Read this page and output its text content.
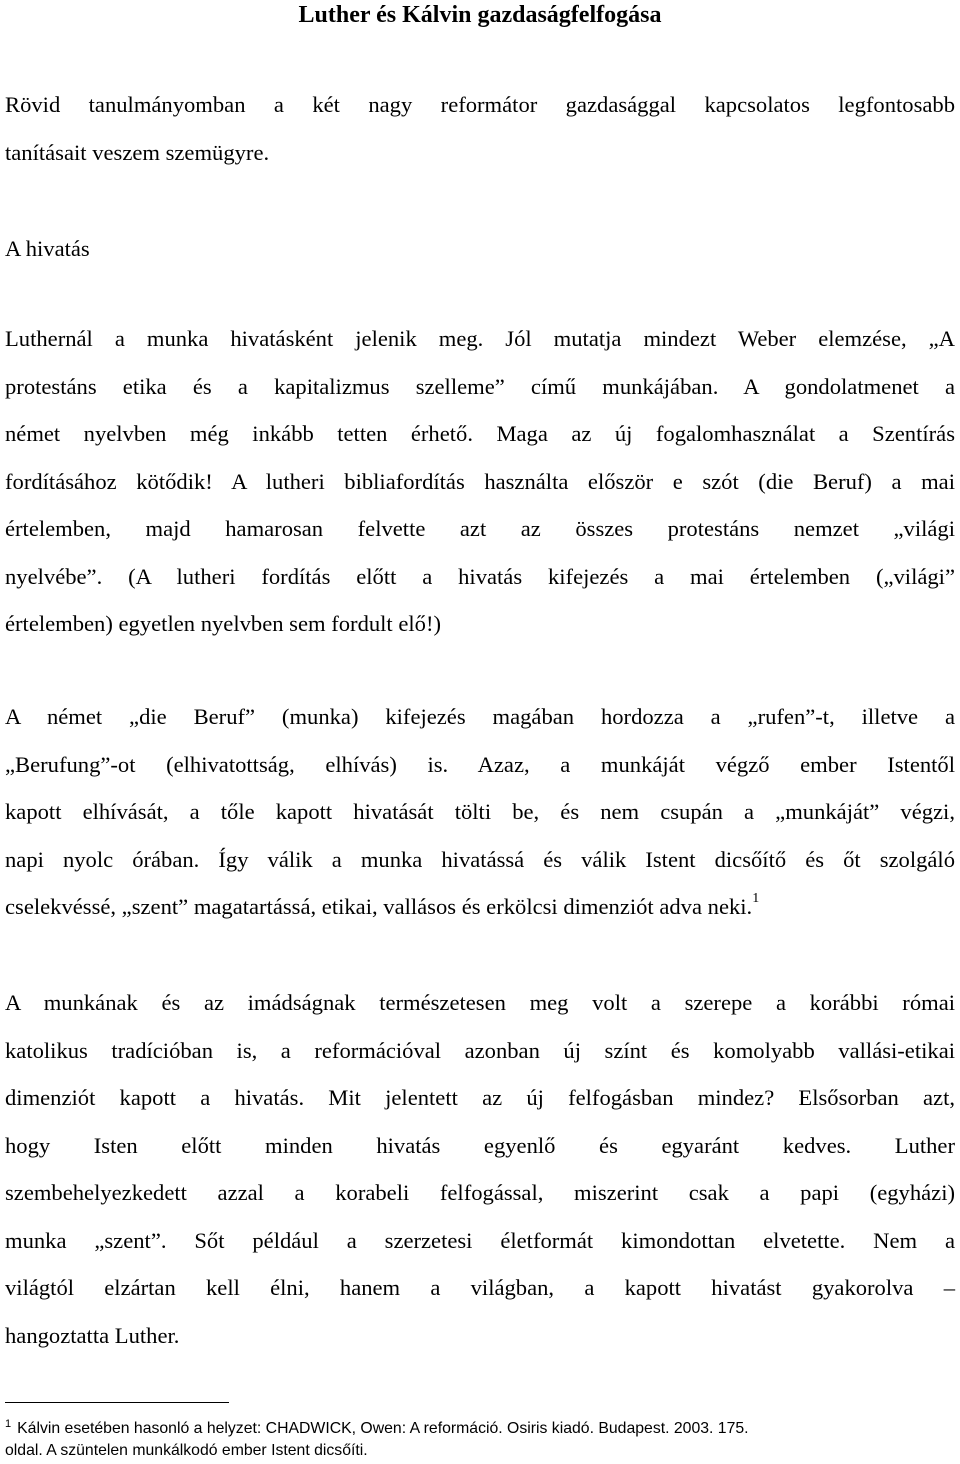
Luther és Kálvin gazdaságfelfogása

Rövid tanulmányomban a két nagy reformátor gazdasággal kapcsolatos legfontosabb
tanításait veszem szemügyre.

A hivatás

Luthernál a munka hivatásként jelenik meg. Jól mutatja mindezt Weber elemzése, „A
protestáns etika és a kapitalizmus szelleme” című munkájában. A gondolatmenet a
német nyelvben még inkább tetten érhető. Maga az új fogalomhasználat a Szentírás
fordításához kötődik! A lutheri bibliafordítás használta először e szót (die Beruf) a mai
értelemben, majd hamarosan felvette azt az összes protestáns nemzet „világi
nyelvébe”. (A lutheri fordítás előtt a hivatás kifejezés a mai értelemben („világi”
értelemben) egyetlen nyelvben sem fordult elő!)

A német „die Beruf” (munka) kifejezés magában hordozza a „rufen”-t, illetve a
„Berufung”-ot (elhivatottság, elhívás) is. Azaz, a munkáját végző ember Istentől
kapott elhívását, a tőle kapott hivatását tölti be, és nem csupán a „munkáját” végzi,
napi nyolc órában. Így válik a munka hivatássá és válik Istent dicsőítő és őt szolgáló
cselekvéssé, „szent” magatartássá, etikai, vallásos és erkölcsi dimenziót adva neki.$^1$

A munkának és az imádságnak természetesen meg volt a szerepe a korábbi római
katolikus tradícióban is, a reformációval azonban új színt és komolyabb vallási-etikai
dimenziót kapott a hivatás. Mit jelentett az új felfogásban mindez? Elsősorban azt,
hogy Isten előtt minden hivatás egyenlő és egyaránt kedves. Luther
szembehelyezkedett azzal a korabeli felfogással, miszerint csak a papi (egyházi)
munka „szent”. Sőt például a szerzetesi életformát kimondottan elvetette. Nem a
világtól elzártan kell élni, hanem a világban, a kapott hivatást gyakorolva –
hangoztatta Luther.

$^1$ Kálvin esetében hasonló a helyzet: CHADWICK, Owen: A reformáció. Osiris kiadó. Budapest. 2003. 175.
oldal. A szüntelen munkálkodó ember Istent dicsőíti.
